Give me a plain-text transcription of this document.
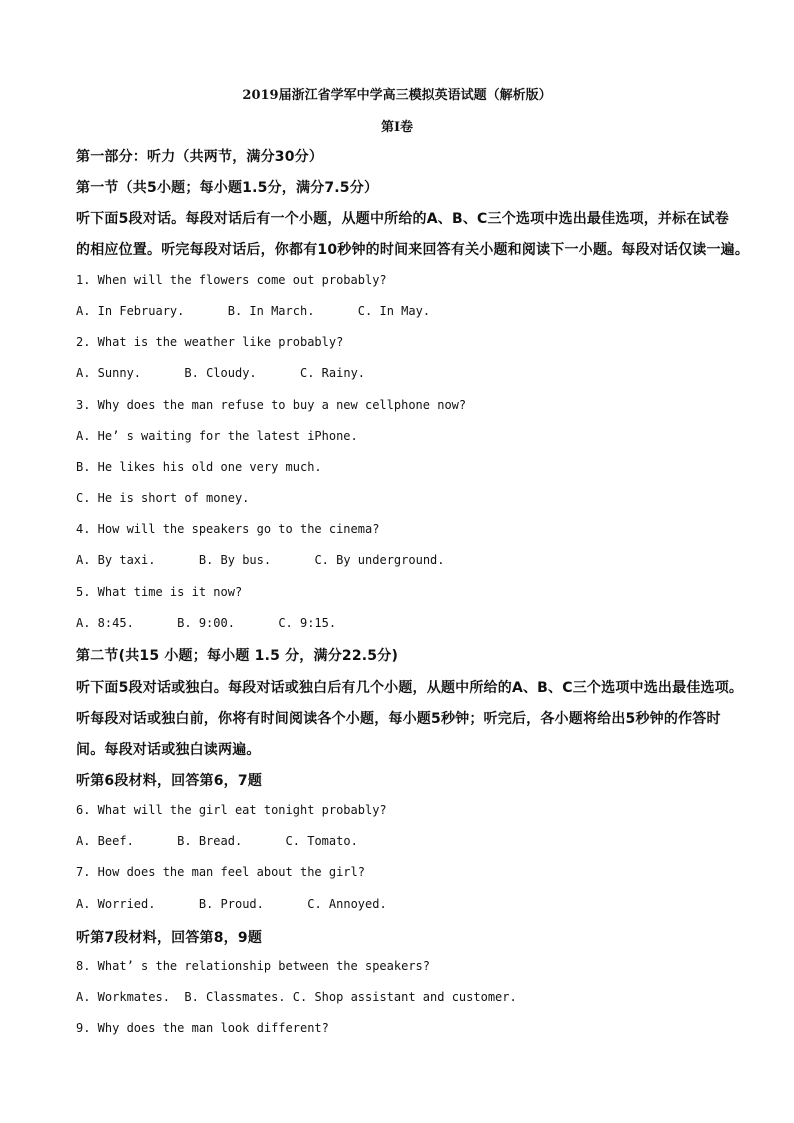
2019届浙江省学军中学高三模拟英语试题（解析版）
第I卷
第一部分：听力（共两节，满分30分）
第一节（共5小题；每小题1.5分，满分7.5分）
听下面5段对话。每段对话后有一个小题，从题中所给的A、B、C三个选项中选出最佳选项，并标在试卷
的相应位置。听完每段对话后，你都有10秒钟的时间来回答有关小题和阅读下一小题。每段对话仅读一遍。
1. When will the flowers come out probably?
A. In February.	B. In March.	C. In May.
2. What is the weather like probably?
A. Sunny.	B. Cloudy.	C. Rainy.
3. Why does the man refuse to buy a new cellphone now?
A. He’ s waiting for the latest iPhone.
B. He likes his old one very much.
C. He is short of money.
4. How will the speakers go to the cinema?
A. By taxi.	B. By bus.	C. By underground.
5. What time is it now?
A. 8:45.	B. 9:00.	C. 9:15.
第二节(共15 小题；每小题 1.5 分，满分22.5分)
听下面5段对话或独白。每段对话或独白后有几个小题，从题中所给的A、B、C三个选项中选出最佳选项。
听每段对话或独白前，你将有时间阅读各个小题，每小题5秒钟；听完后，各小题将给出5秒钟的作答时
间。每段对话或独白读两遍。
听第6段材料，回答第6，7题
6. What will the girl eat tonight probably?
A. Beef.	B. Bread.	C. Tomato.
7. How does the man feel about the girl?
A. Worried.	B. Proud.	C. Annoyed.
听第7段材料，回答第8，9题
8. What’ s the relationship between the speakers?
A. Workmates. B. Classmates. C. Shop assistant and customer.
9. Why does the man look different?
